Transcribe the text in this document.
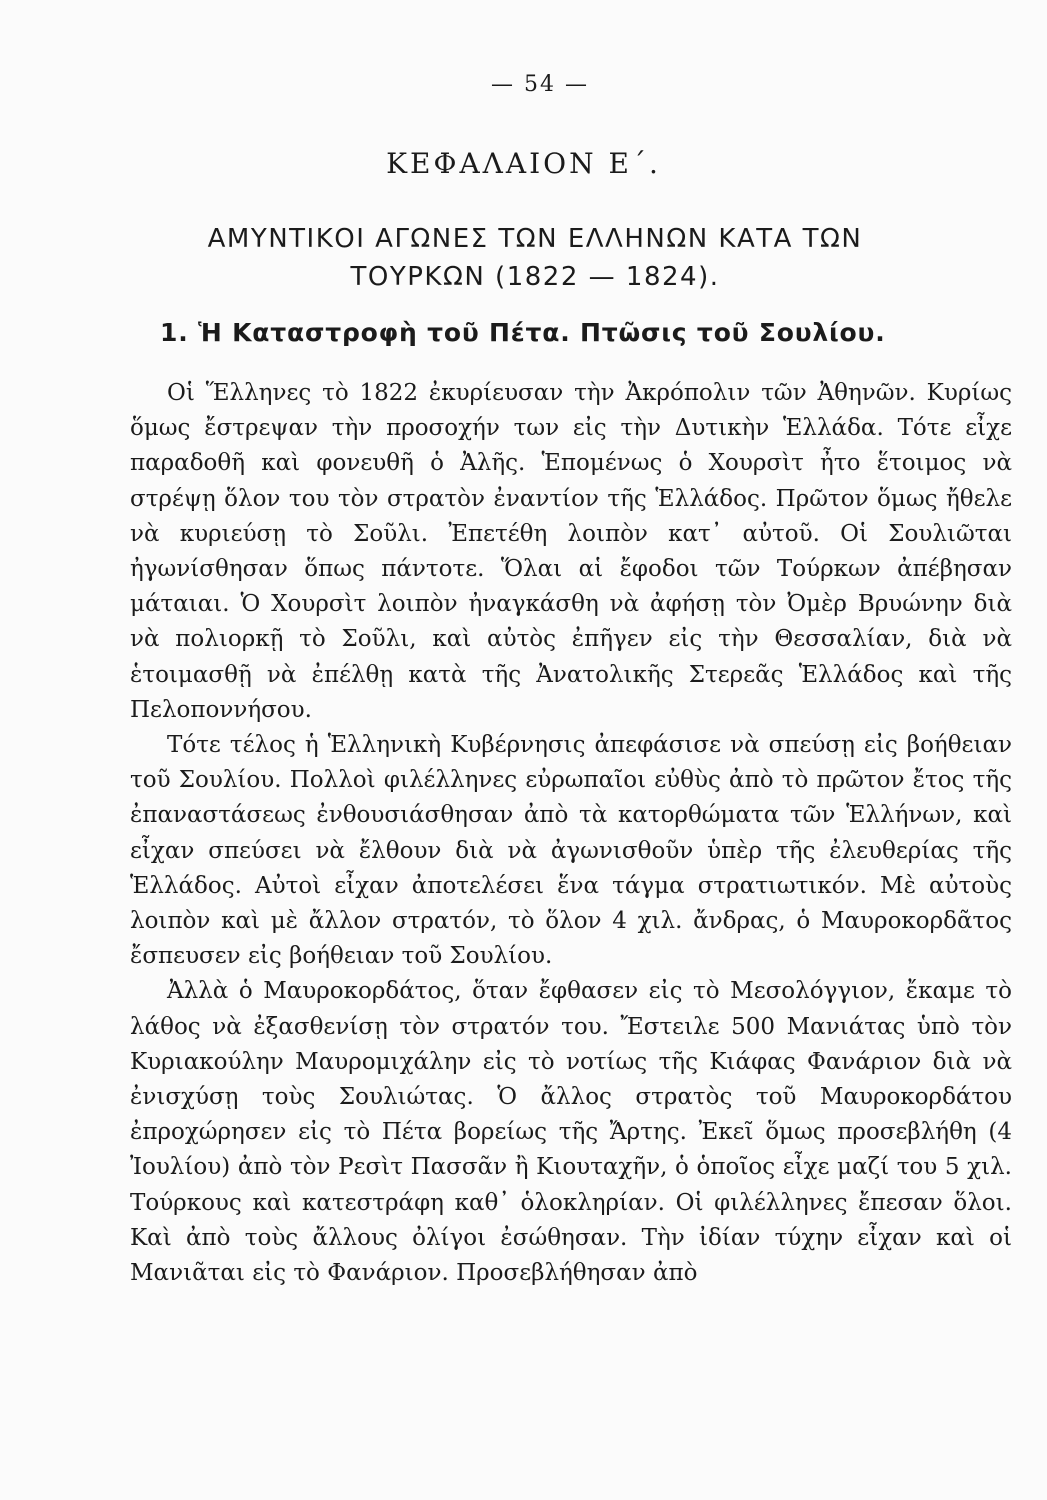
— 54 —
ΚΕΦΑΛΑΙΟΝ Ε΄.
ΑΜΥΝΤΙΚΟΙ ΑΓΩΝΕΣ ΤΩΝ ΕΛΛΗΝΩΝ ΚΑΤΑ ΤΩΝ
ΤΟΥΡΚΩΝ (1822 — 1824).
1. Ἡ Καταστροφὴ τοῦ Πέτα. Πτῶσις τοῦ Σουλίου.

Οἱ Ἕλληνες τὸ 1822 ἐκυρίευσαν τὴν Ἀκρόπολιν τῶν Ἀθηνῶν. Κυρίως ὅμως ἔστρεψαν τὴν προσοχήν των εἰς τὴν Δυτικὴν Ἑλλάδα. Τότε εἶχε παραδοθῆ καὶ φονευθῆ ὁ Ἀλῆς. Ἑπομένως ὁ Χουρσὶτ ἦτο ἕτοιμος νὰ στρέψῃ ὅλον του τὸν στρατὸν ἐναντίον τῆς Ἑλλάδος. Πρῶτον ὅμως ἤθελε νὰ κυριεύσῃ τὸ Σοῦλι. Ἐπετέθη λοιπὸν κατ᾿ αὐτοῦ. Οἱ Σουλιῶται ἠγωνίσθησαν ὅπως πάντοτε. Ὅλαι αἱ ἔφοδοι τῶν Τούρκων ἀπέβησαν μάταιαι. Ὁ Χουρσὶτ λοιπὸν ἠναγκάσθη νὰ ἀφήσῃ τὸν Ὀμὲρ Βρυώνην διὰ νὰ πολιορκῇ τὸ Σοῦλι, καὶ αὐτὸς ἐπῆγεν εἰς τὴν Θεσσαλίαν, διὰ νὰ ἑτοιμασθῇ νὰ ἐπέλθῃ κατὰ τῆς Ἀνατολικῆς Στερεᾶς Ἑλλάδος καὶ τῆς Πελοποννήσου.

Τότε τέλος ἡ Ἑλληνικὴ Κυβέρνησις ἀπεφάσισε νὰ σπεύσῃ εἰς βοήθειαν τοῦ Σουλίου. Πολλοὶ φιλέλληνες εὐρωπαῖοι εὐθὺς ἀπὸ τὸ πρῶτον ἔτος τῆς ἐπαναστάσεως ἐνθουσιάσθησαν ἀπὸ τὰ κατορθώματα τῶν Ἑλλήνων, καὶ εἶχαν σπεύσει νὰ ἔλθουν διὰ νὰ ἀγωνισθοῦν ὑπὲρ τῆς ἐλευθερίας τῆς Ἑλλάδος. Αὐτοὶ εἶχαν ἀποτελέσει ἕνα τάγμα στρατιωτικόν. Μὲ αὐτοὺς λοιπὸν καὶ μὲ ἄλλον στρατόν, τὸ ὅλον 4 χιλ. ἄνδρας, ὁ Μαυροκορδᾶτος ἔσπευσεν εἰς βοήθειαν τοῦ Σουλίου.

Ἀλλὰ ὁ Μαυροκορδάτος, ὅταν ἔφθασεν εἰς τὸ Μεσολόγγιον, ἔκαμε τὸ λάθος νὰ ἐξασθενίσῃ τὸν στρατόν του. Ἔστειλε 500 Μανιάτας ὑπὸ τὸν Κυριακούλην Μαυρομιχάλην εἰς τὸ νοτίως τῆς Κιάφας Φανάριον διὰ νὰ ἐνισχύσῃ τοὺς Σουλιώτας. Ὁ ἄλλος στρατὸς τοῦ Μαυροκορδάτου ἐπροχώρησεν εἰς τὸ Πέτα βορείως τῆς Ἄρτης. Ἐκεῖ ὅμως προσεβλήθη (4 Ἰουλίου) ἀπὸ τὸν Ρεσὶτ Πασσᾶν ἢ Κιουταχῆν, ὁ ὁποῖος εἶχε μαζί του 5 χιλ. Τούρκους καὶ κατεστράφη καθ᾿ ὁλοκληρίαν. Οἱ φιλέλληνες ἔπεσαν ὅλοι. Καὶ ἀπὸ τοὺς ἄλλους ὀλίγοι ἐσώθησαν. Τὴν ἰδίαν τύχην εἶχαν καὶ οἱ Μανιᾶται εἰς τὸ Φανάριον. Προσεβλήθησαν ἀπὸ
